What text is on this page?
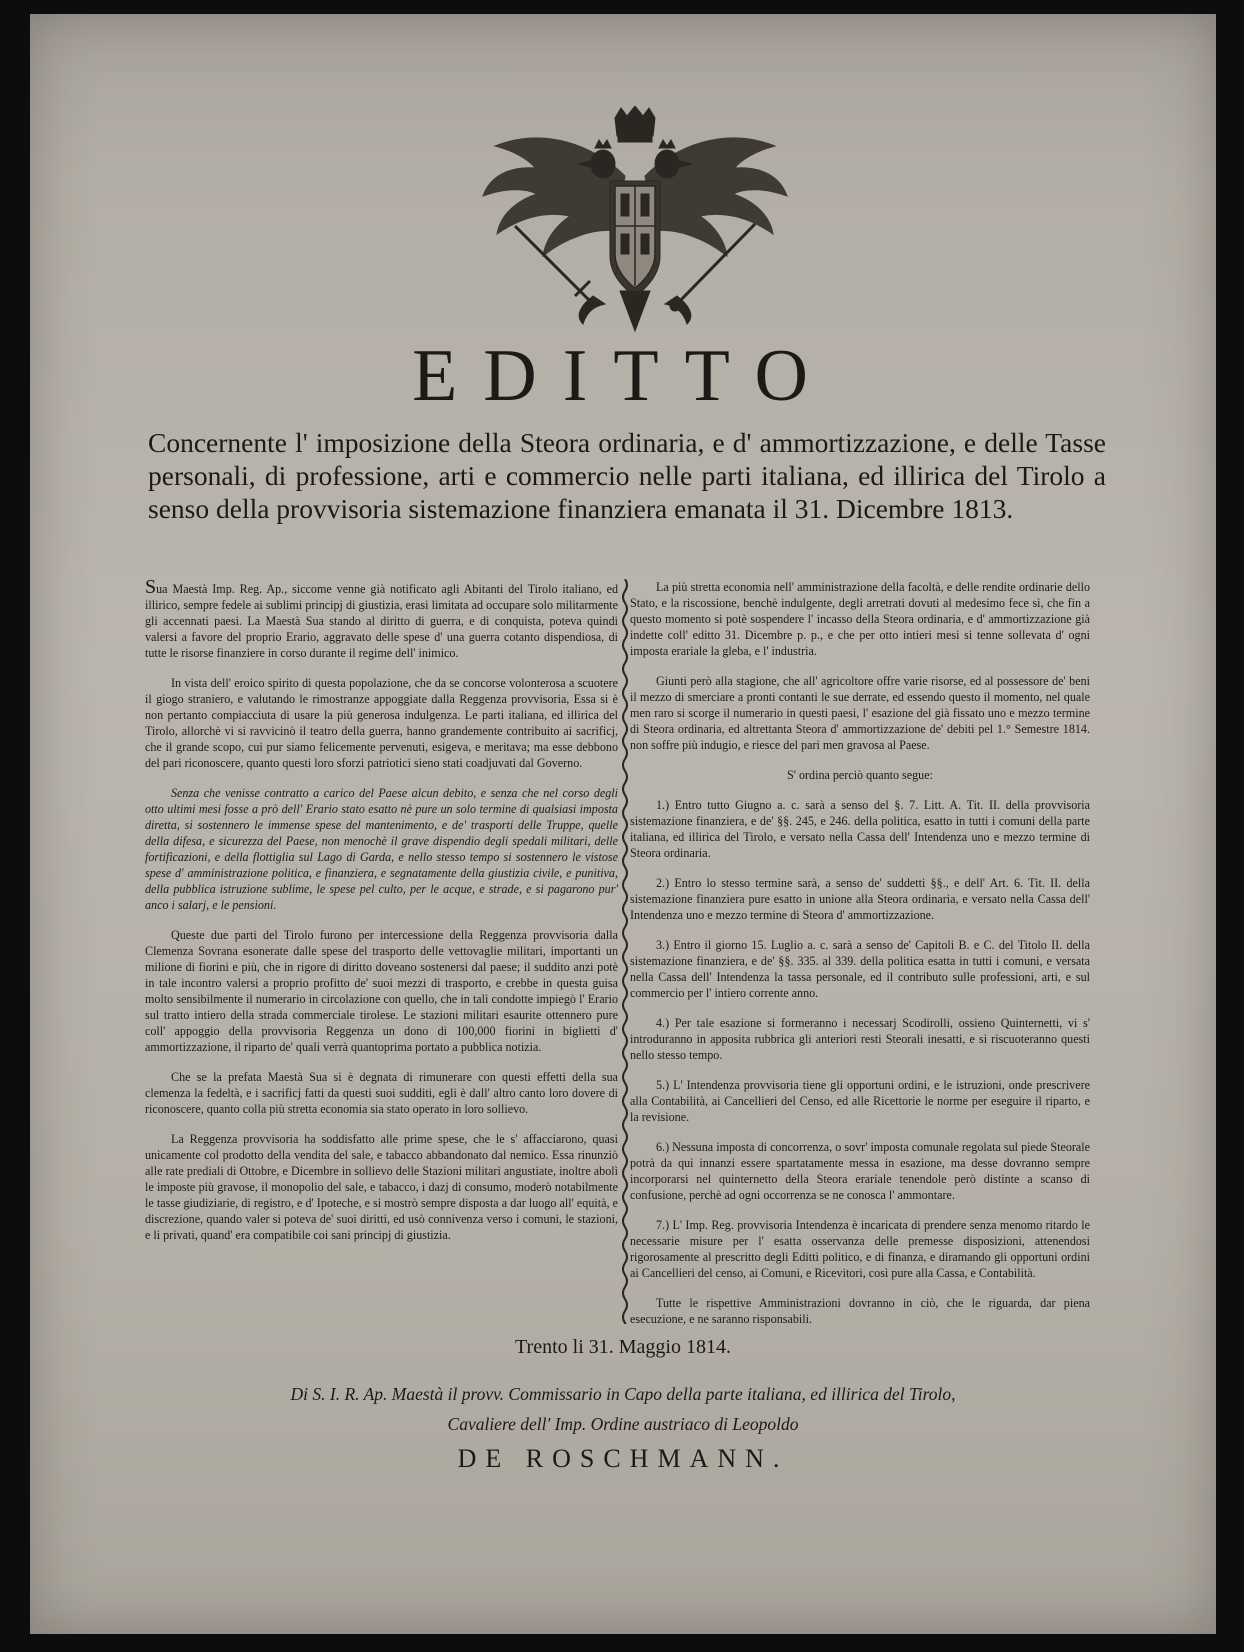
EDITTO
Concernente l' imposizione della Steora ordinaria, e d' ammortizzazione, e delle Tasse personali, di professione, arti e commercio nelle parti italiana, ed illirica del Tirolo a senso della provvisoria sistemazione finanziera emanata il 31. Dicembre 1813.

Sua Maestà Imp. Reg. Ap., siccome venne già notificato agli Abitanti del Tirolo italiano, ed illirico, sempre fedele ai sublimi principj di giustizia, erasi limitata ad occupare solo militarmente gli accennati paesi. La Maestà Sua stando al diritto di guerra, e di conquista, poteva quindi valersi a favore del proprio Erario, aggravato delle spese d' una guerra cotanto dispendiosa, di tutte le risorse finanziere in corso durante il regime dell' inimico.

In vista dell' eroico spirito di questa popolazione, che da se concorse volonterosa a scuotere il giogo straniero, e valutando le rimostranze appoggiate dalla Reggenza provvisoria, Essa si è non pertanto compiacciuta di usare la più generosa indulgenza. Le parti italiana, ed illirica del Tirolo, allorchè vi si ravvicinò il teatro della guerra, hanno grandemente contribuito ai sacrificj, che il grande scopo, cui pur siamo felicemente pervenuti, esigeva, e meritava; ma esse debbono del pari riconoscere, quanto questi loro sforzi patriotici sieno stati coadjuvati dal Governo.

Senza che venisse contratto a carico del Paese alcun debito, e senza che nel corso degli otto ultimi mesi fosse a prò dell' Erario stato esatto nè pure un solo termine di qualsiasi imposta diretta, si sostennero le immense spese del mantenimento, e de' trasporti delle Truppe, quelle della difesa, e sicurezza del Paese, non menochè il grave dispendio degli spedali militari, delle fortificazioni, e della flottiglia sul Lago di Garda, e nello stesso tempo si sostennero le vistose spese d' amministrazione politica, e finanziera, e segnatamente della giustizia civile, e punitiva, della pubblica istruzione sublime, le spese pel culto, per le acque, e strade, e si pagarono pur' anco i salarj, e le pensioni.

Queste due parti del Tirolo furono per intercessione della Reggenza provvisoria dalla Clemenza Sovrana esonerate dalle spese del trasporto delle vettovaglie militari, importanti un milione di fiorini e più, che in rigore di diritto doveano sostenersi dal paese; il suddito anzi potè in tale incontro valersi a proprio profitto de' suoi mezzi di trasporto, e crebbe in questa guisa molto sensibilmente il numerario in circolazione con quello, che in tali condotte impiegò l' Erario sul tratto intiero della strada commerciale tirolese. Le stazioni militari esaurite ottennero pure coll' appoggio della provvisoria Reggenza un dono di 100,000 fiorini in biglietti d' ammortizzazione, il riparto de' quali verrà quantoprima portato a pubblica notizia.

Che se la prefata Maestà Sua si è degnata di rimunerare con questi effetti della sua clemenza la fedeltà, e i sacrificj fatti da questi suoi sudditi, egli è dall' altro canto loro dovere di riconoscere, quanto colla più stretta economia sia stato operato in loro sollievo.

La Reggenza provvisoria ha soddisfatto alle prime spese, che le s' affacciarono, quasi unicamente col prodotto della vendita del sale, e tabacco abbandonato dal nemico. Essa rinunziò alle rate prediali di Ottobre, e Dicembre in sollievo delle Stazioni militari angustiate, inoltre abolì le imposte più gravose, il monopolio del sale, e tabacco, i dazj di consumo, moderò notabilmente le tasse giudiziarie, di registro, e d' Ipoteche, e si mostrò sempre disposta a dar luogo all' equità, e discrezione, quando valer si poteva de' suoi diritti, ed usò connivenza verso i comuni, le stazioni, e li privati, quand' era compatibile coi sani principj di giustizia.

La più stretta economia nell' amministrazione della facoltà, e delle rendite ordinarie dello Stato, e la riscossione, benchè indulgente, degli arretrati dovuti al medesimo fece sì, che fin a questo momento si potè sospendere l' incasso della Steora ordinaria, e d' ammortizzazione già indette coll' editto 31. Dicembre p. p., e che per otto intieri mesi si tenne sollevata d' ogni imposta erariale la gleba, e l' industria.

Giunti però alla stagione, che all' agricoltore offre varie risorse, ed al possessore de' beni il mezzo di smerciare a pronti contanti le sue derrate, ed essendo questo il momento, nel quale men raro si scorge il numerario in questi paesi, l' esazione del già fissato uno e mezzo termine di Steora ordinaria, ed altrettanta Steora d' ammortizzazione de' debiti pel 1.° Semestre 1814. non soffre più indugio, e riesce del pari men gravosa al Paese.

S' ordina perciò quanto segue:

1.) Entro tutto Giugno a. c. sarà a senso del §. 7. Litt. A. Tit. II. della provvisoria sistemazione finanziera, e de' §§. 245, e 246. della politica, esatto in tutti i comuni della parte italiana, ed illirica del Tirolo, e versato nella Cassa dell' Intendenza uno e mezzo termine di Steora ordinaria.

2.) Entro lo stesso termine sarà, a senso de' suddetti §§., e dell' Art. 6. Tit. II. della sistemazione finanziera pure esatto in unione alla Steora ordinaria, e versato nella Cassa dell' Intendenza uno e mezzo termine di Steora d' ammortizzazione.

3.) Entro il giorno 15. Luglio a. c. sarà a senso de' Capitoli B. e C. del Titolo II. della sistemazione finanziera, e de' §§. 335. al 339. della politica esatta in tutti i comuni, e versata nella Cassa dell' Intendenza la tassa personale, ed il contributo sulle professioni, arti, e sul commercio per l' intiero corrente anno.

4.) Per tale esazione si formeranno i necessarj Scodirolli, ossieno Quinternetti, vi s' introduranno in apposita rubbrica gli anteriori resti Steorali inesatti, e si riscuoteranno questi nello stesso tempo.

5.) L' Intendenza provvisoria tiene gli opportuni ordini, e le istruzioni, onde prescrivere alla Contabilità, ai Cancellieri del Censo, ed alle Ricettorie le norme per eseguire il riparto, e la revisione.

6.) Nessuna imposta di concorrenza, o sovr' imposta comunale regolata sul piede Steorale potrà da qui innanzi essere spartatamente messa in esazione, ma desse dovranno sempre incorporarsi nel quinternetto della Steora erariale tenendole però distinte a scanso di confusione, perchè ad ogni occorrenza se ne conosca l' ammontare.

7.) L' Imp. Reg. provvisoria Intendenza è incaricata di prendere senza menomo ritardo le necessarie misure per l' esatta osservanza delle premesse disposizioni, attenendosi rigorosamente al prescritto degli Editti politico, e di finanza, e diramando gli opportuni ordini ai Cancellieri del censo, ai Comuni, e Ricevitori, così pure alla Cassa, e Contabilità.

Tutte le rispettive Amministrazioni dovranno in ciò, che le riguarda, dar piena esecuzione, e ne saranno risponsabili.

Trento li 31. Maggio 1814.
Di S. I. R. Ap. Maestà il provv. Commissario in Capo della parte italiana, ed illirica del Tirolo,
Cavaliere dell' Imp. Ordine austriaco di Leopoldo
DE ROSCHMANN.
